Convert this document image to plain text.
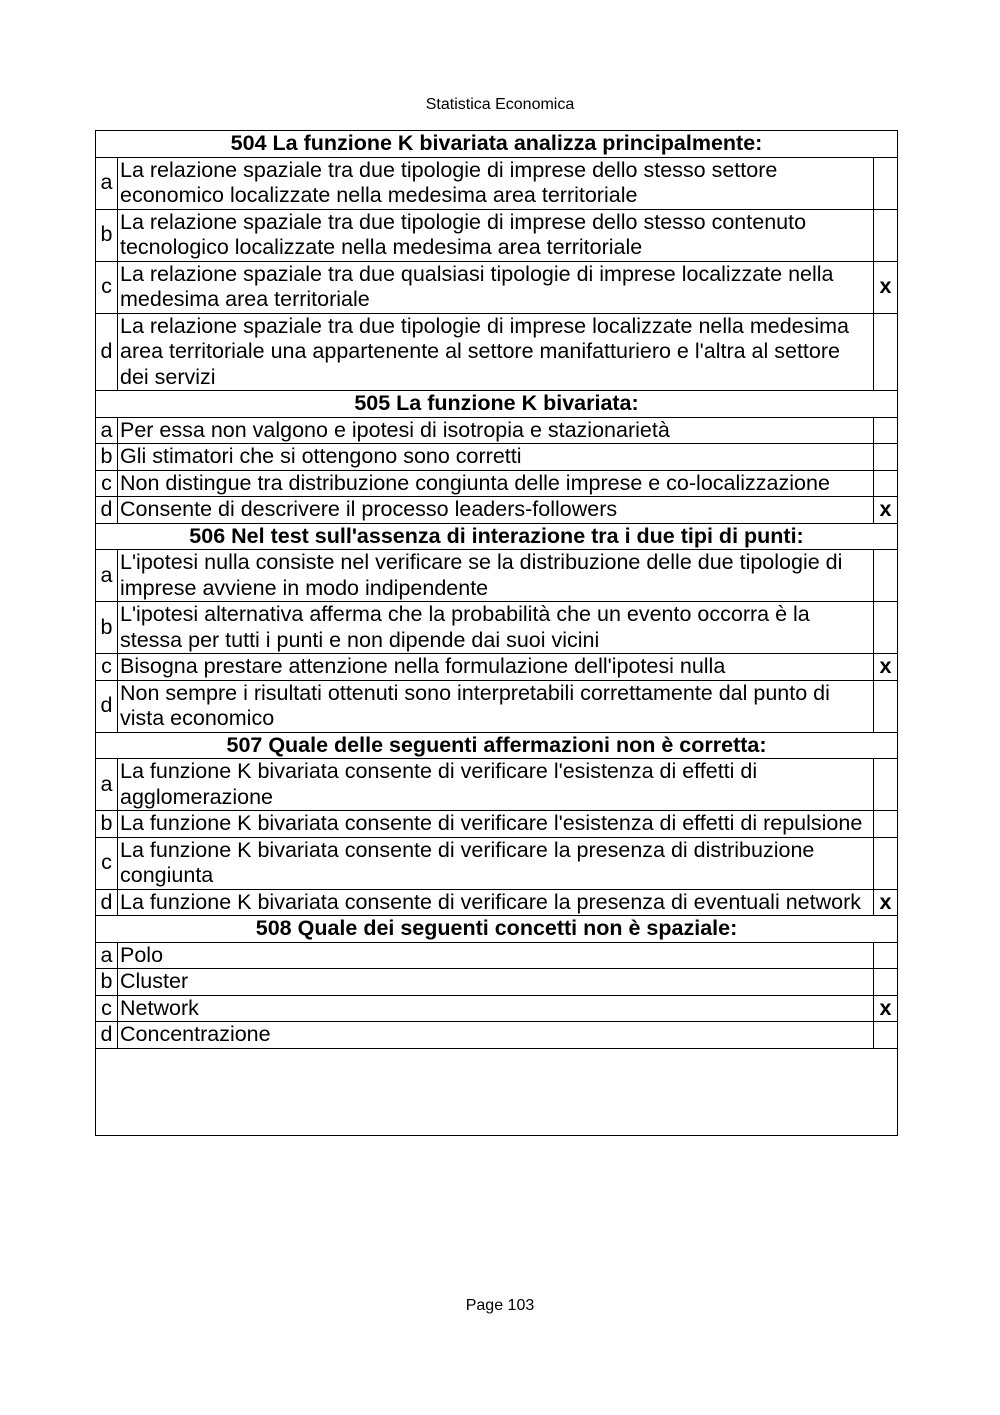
Statistica Economica
504 La funzione K bivariata analizza principalmente:		
a	La relazione spaziale tra due tipologie di imprese dello stesso settore economico localizzate nella medesima area territoriale	
b	La relazione spaziale tra due tipologie di imprese dello stesso contenuto tecnologico localizzate nella medesima area territoriale	
c	La relazione spaziale tra due qualsiasi tipologie di imprese localizzate nella medesima area territoriale	x
d	La relazione spaziale tra due tipologie di imprese localizzate nella medesima area territoriale una appartenente al settore manifatturiero e l'altra al settore dei servizi	
505 La funzione K bivariata:		
a	Per essa non valgono e ipotesi di isotropia e stazionarietà	
b	Gli stimatori che si ottengono sono corretti	
c	Non distingue tra distribuzione congiunta delle imprese e co-localizzazione	
d	Consente di descrivere il processo leaders-followers	x
506 Nel test sull'assenza di interazione tra i due tipi di punti:		
a	L'ipotesi nulla consiste nel verificare se la distribuzione delle due tipologie di imprese avviene in modo indipendente	
b	L'ipotesi alternativa afferma che la probabilità che un evento occorra è la stessa per tutti i punti e non dipende dai suoi vicini	
c	Bisogna prestare attenzione nella formulazione dell'ipotesi nulla	x
d	Non sempre i risultati ottenuti sono interpretabili correttamente dal punto di vista economico	
507 Quale delle seguenti affermazioni non è corretta:		
a	La funzione K bivariata consente di verificare l'esistenza di effetti di agglomerazione	
b	La funzione K bivariata consente di verificare l'esistenza di effetti di repulsione	
c	La funzione K bivariata consente di verificare la presenza di distribuzione congiunta	
d	La funzione K bivariata consente di verificare la presenza di eventuali network	x
508 Quale dei seguenti concetti non è spaziale:		
a	Polo	
b	Cluster	
c	Network	x
d	Concentrazione	

Page 103
